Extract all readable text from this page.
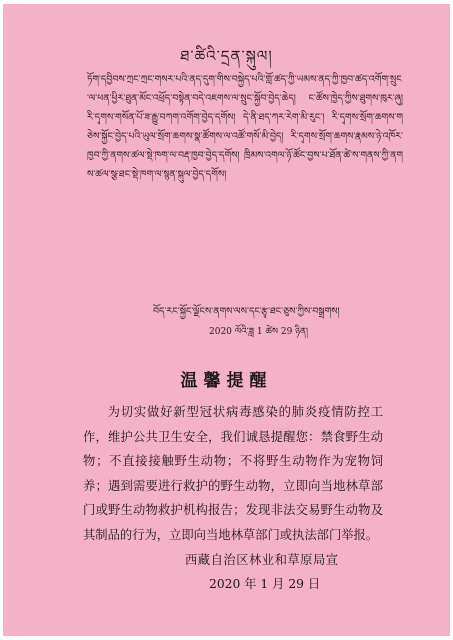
ཐ་ཚིའི་དྲན་སྐུལ།
ཏོག་དབྱིབས་ཀྲང་ཀྲང་གསར་པའི་ནད་དུག་གིས་བསྐྱེད་པའི་གློ་ཚད་ཀྱི་ཡམས་ནད་ཀྱི་ཁྱབ་ཚད་འགོག་སྲུང་ལ་ཕན་ཕྱིར་ཐུན་མོང་འཕྲོད་བསྟེན་བདེ་འཇགས་ལ་སྲུང་སྐྱོབ་བྱེད་ཆེད། ང་ཚོས་ཁྱེད་ཀྱིས་ཐུགས་ཁུར་ཞུ། རི་དྭགས་གསོན་པོ་ཟ་རྒྱུ་བཀག་འགོག་བྱེད་དགོས། དེ་ནི་ཐད་ཀར་རེག་མི་རུང་། རི་དྭགས་སྲོག་ཆགས་གཅེས་སྐྱོང་བྱེད་པའི་ཡུལ་སྲོག་ཆགས་སྣ་ཚོགས་ལ་འཚོ་གསོ་མི་བྱེད། རི་དྭགས་སྲོག་ཆགས་རྣམས་ཉེ་འཁོར་ཁྱབ་ཀྱི་ནགས་ཚལ་སྡེ་ཁག་ལ་བརྡ་ཁྱབ་བྱེད་དགོས། ཁྲིམས་འགལ་ཉོ་ཚོང་བྱས་པ་ཐོན་ཚེ་ས་གནས་ཀྱི་ནགས་ཚལ་སྩ་ཐང་སྡེ་ཁག་ལ་སྙན་སྐུལ་བྱེད་དགོས།
བོད་རང་སྐྱོང་ལྗོངས་ནགས་ལས་དང་རྩྭ་ཐང་ཅུས་ཀྱིས་བསྒྲགས།
2020 ལོའི་ཟླ 1 ཚེས 29 ཉིན།
温馨提醒
为切实做好新型冠状病毒感染的肺炎疫情防控工作，维护公共卫生安全，我们诚恳提醒您：禁食野生动物；不直接接触野生动物；不将野生动物作为宠物饲养；遇到需要进行救护的野生动物，立即向当地林草部门或野生动物救护机构报告；发现非法交易野生动物及其制品的行为，立即向当地林草部门或执法部门举报。
西藏自治区林业和草原局宣
2020 年 1 月 29 日
